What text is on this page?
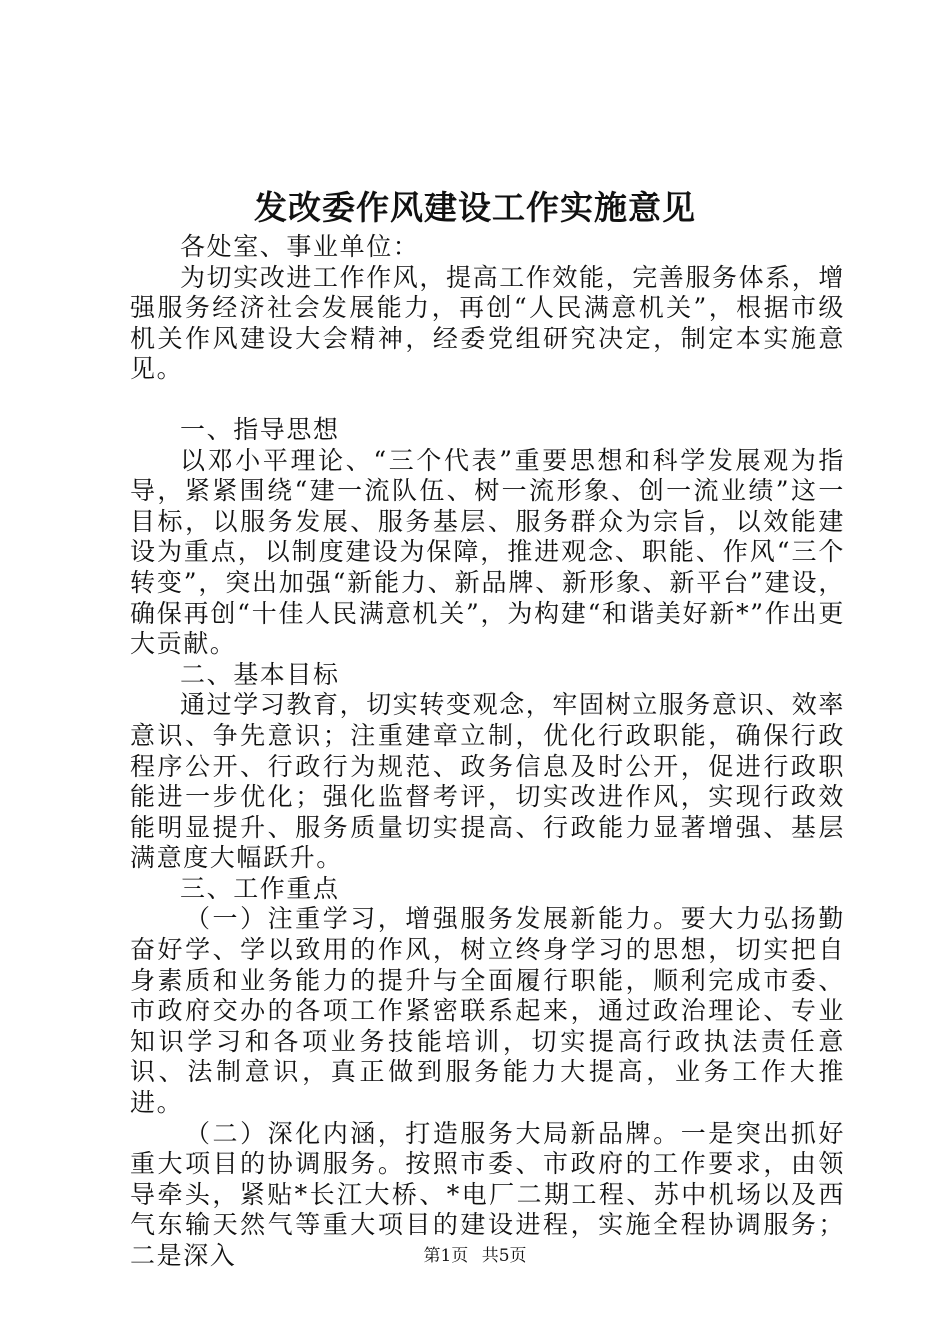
发改委作风建设工作实施意见

各处室、事业单位：

为切实改进工作作风，提高工作效能，完善服务体系，增强服务经济社会发展能力，再创“人民满意机关”，根据市级机关作风建设大会精神，经委党组研究决定，制定本实施意见。

一、指导思想

以邓小平理论、“三个代表”重要思想和科学发展观为指导，紧紧围绕“建一流队伍、树一流形象、创一流业绩”这一目标，以服务发展、服务基层、服务群众为宗旨，以效能建设为重点，以制度建设为保障，推进观念、职能、作风“三个转变”，突出加强“新能力、新品牌、新形象、新平台”建设，确保再创“十佳人民满意机关”，为构建“和谐美好新*”作出更大贡献。

二、基本目标

通过学习教育，切实转变观念，牢固树立服务意识、效率意识、争先意识；注重建章立制，优化行政职能，确保行政程序公开、行政行为规范、政务信息及时公开，促进行政职能进一步优化；强化监督考评，切实改进作风，实现行政效能明显提升、服务质量切实提高、行政能力显著增强、基层满意度大幅跃升。

三、工作重点

（一）注重学习，增强服务发展新能力。要大力弘扬勤奋好学、学以致用的作风，树立终身学习的思想，切实把自身素质和业务能力的提升与全面履行职能，顺利完成市委、市政府交办的各项工作紧密联系起来，通过政治理论、专业知识学习和各项业务技能培训，切实提高行政执法责任意识、法制意识，真正做到服务能力大提高，业务工作大推进。

（二）深化内涵，打造服务大局新品牌。一是突出抓好重大项目的协调服务。按照市委、市政府的工作要求，由领导牵头，紧贴*长江大桥、*电厂二期工程、苏中机场以及西气东输天然气等重大项目的建设进程，实施全程协调服务；二是深入	第1页 共5页
